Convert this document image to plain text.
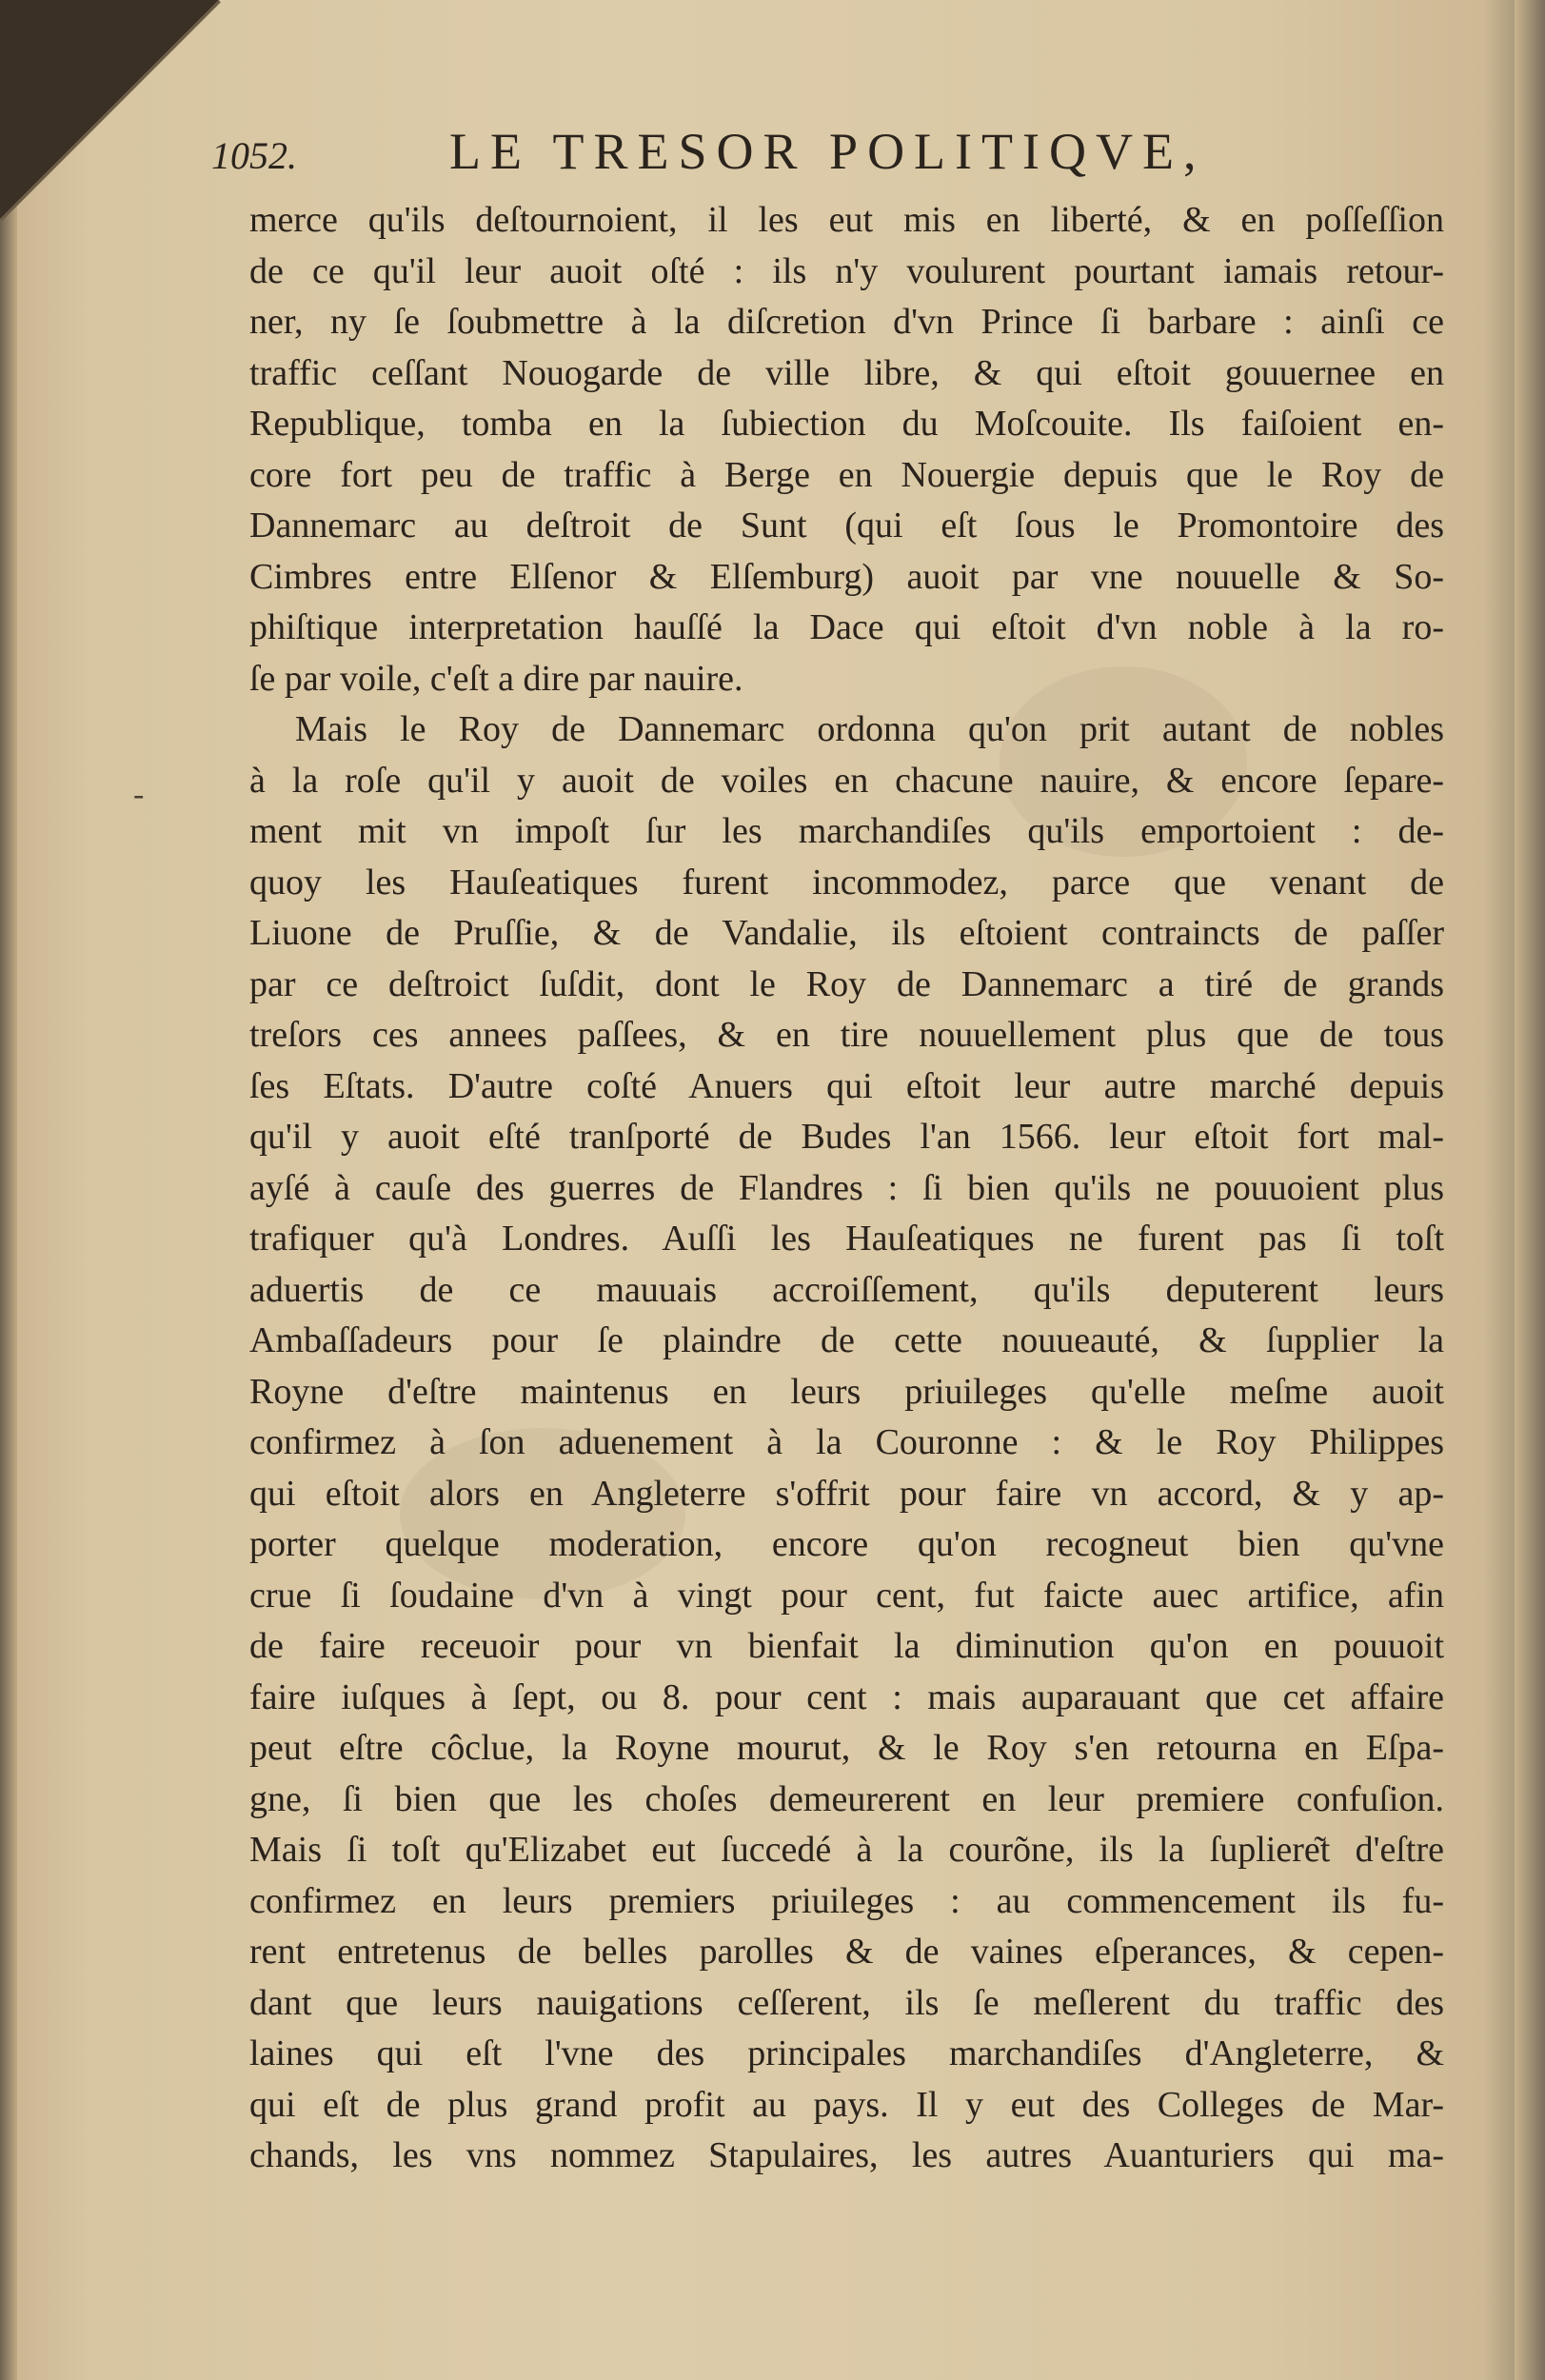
1052.	LE TRESOR POLITIQVE,
-
merce qu'ils deſtournoient, il les eut mis en liberté, & en poſſeſſion
de ce qu'il leur auoit oſté : ils n'y voulurent pourtant iamais retour-
ner, ny ſe ſoubmettre à la diſcretion d'vn Prince ſi barbare : ainſi ce
traffic ceſſant Nouogarde de ville libre, & qui eſtoit gouuernee en
Republique, tomba en la ſubiection du Moſcouite. Ils faiſoient en-
core fort peu de traffic à Berge en Nouergie depuis que le Roy de
Dannemarc au deſtroit de Sunt (qui eſt ſous le Promontoire des
Cimbres entre Elſenor & Elſemburg) auoit par vne nouuelle & So-
phiſtique interpretation hauſſé la Dace qui eſtoit d'vn noble à la ro-
ſe par voile, c'eſt a dire par nauire.
Mais le Roy de Dannemarc ordonna qu'on prit autant de nobles
à la roſe qu'il y auoit de voiles en chacune nauire, & encore ſepare-
ment mit vn impoſt ſur les marchandiſes qu'ils emportoient : de-
quoy les Hauſeatiques furent incommodez, parce que venant de
Liuone de Pruſſie, & de Vandalie, ils eſtoient contraincts de paſſer
par ce deſtroict ſuſdit, dont le Roy de Dannemarc a tiré de grands
treſors ces annees paſſees, & en tire nouuellement plus que de tous
ſes Eſtats. D'autre coſté Anuers qui eſtoit leur autre marché depuis
qu'il y auoit eſté tranſporté de Budes l'an 1566. leur eſtoit fort mal-
ayſé à cauſe des guerres de Flandres : ſi bien qu'ils ne pouuoient plus
trafiquer qu'à Londres. Auſſi les Hauſeatiques ne furent pas ſi toſt
aduertis de ce mauuais accroiſſement, qu'ils deputerent leurs
Ambaſſadeurs pour ſe plaindre de cette nouueauté, & ſupplier la
Royne d'eſtre maintenus en leurs priuileges qu'elle meſme auoit
confirmez à ſon aduenement à la Couronne : & le Roy Philippes
qui eſtoit alors en Angleterre s'offrit pour faire vn accord, & y ap-
porter quelque moderation, encore qu'on recogneut bien qu'vne
crue ſi ſoudaine d'vn à vingt pour cent, fut faicte auec artifice, afin
de faire receuoir pour vn bienfait la diminution qu'on en pouuoit
faire iuſques à ſept, ou 8. pour cent : mais auparauant que cet affaire
peut eſtre côclue, la Royne mourut, & le Roy s'en retourna en Eſpa-
gne, ſi bien que les choſes demeurerent en leur premiere confuſion.
Mais ſi toſt qu'Elizabet eut ſuccedé à la courõne, ils la ſupliere͂t d'eſtre
confirmez en leurs premiers priuileges : au commencement ils fu-
rent entretenus de belles parolles & de vaines eſperances, & cepen-
dant que leurs nauigations ceſſerent, ils ſe meſlerent du traffic des
laines qui eſt l'vne des principales marchandiſes d'Angleterre, &
qui eſt de plus grand profit au pays. Il y eut des Colleges de Mar-
chands, les vns nommez Stapulaires, les autres Auanturiers qui ma-
